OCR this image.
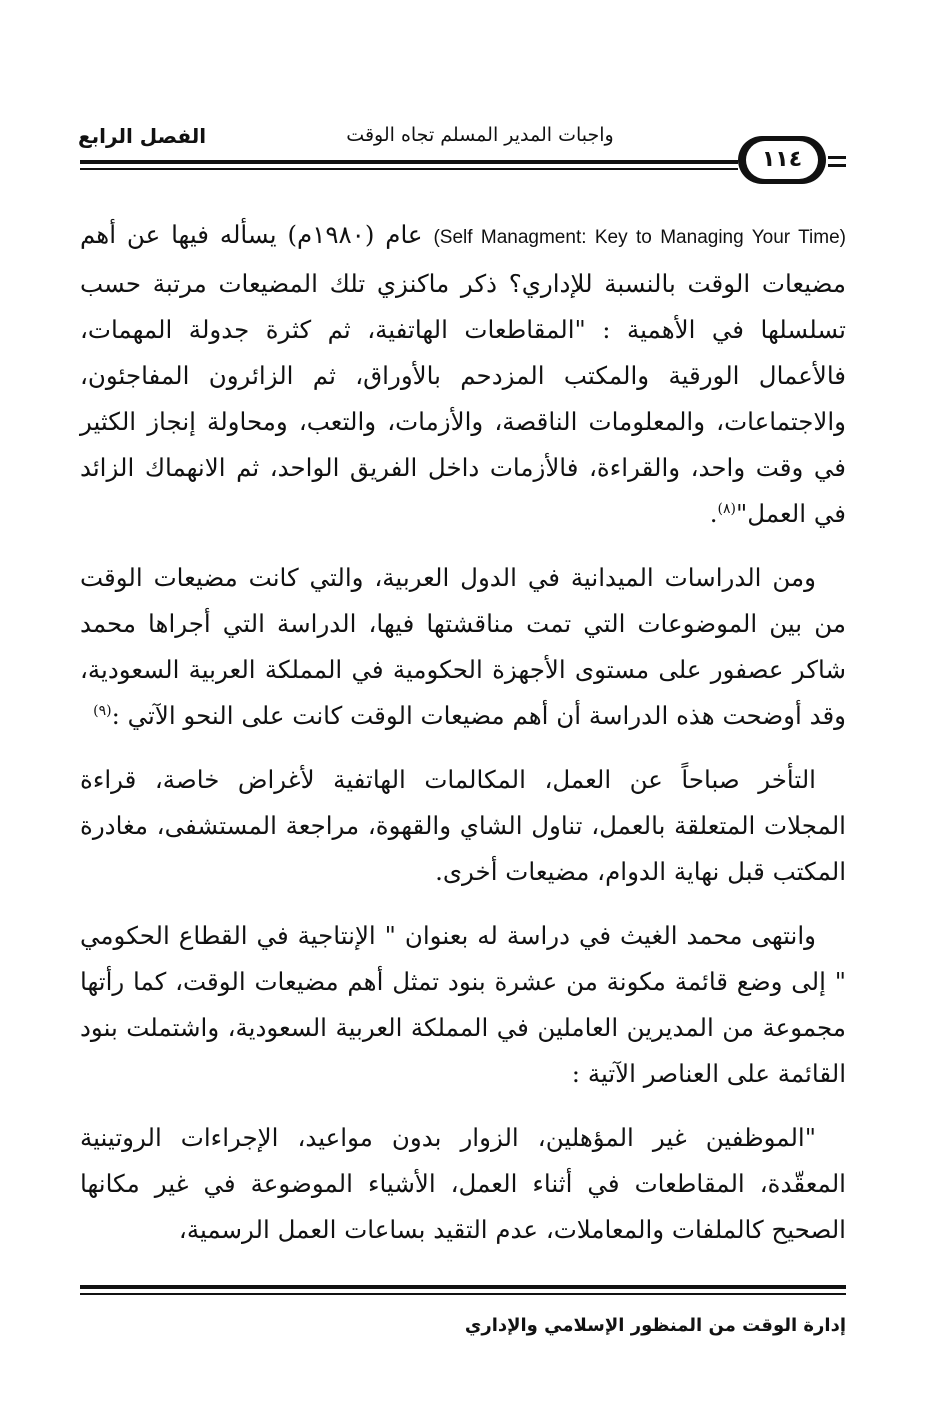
الفصل الرابع	واجبات المدير المسلم تجاه الوقت
١١٤

(Self Managment: Key to Managing Your Time) عام (١٩٨٠م) يسأله فيها عن أهم مضيعات الوقت بالنسبة للإداري؟ ذكر ماكنزي تلك المضيعات مرتبة حسب تسلسلها في الأهمية : "المقاطعات الهاتفية، ثم كثرة جدولة المهمات، فالأعمال الورقية والمكتب المزدحم بالأوراق، ثم الزائرون المفاجئون، والاجتماعات، والمعلومات الناقصة، والأزمات، والتعب، ومحاولة إنجاز الكثير في وقت واحد، والقراءة، فالأزمات داخل الفريق الواحد، ثم الانهماك الزائد في العمل"$^{(٨)}$.

ومن الدراسات الميدانية في الدول العربية، والتي كانت مضيعات الوقت من بين الموضوعات التي تمت مناقشتها فيها، الدراسة التي أجراها محمد شاكر عصفور على مستوى الأجهزة الحكومية في المملكة العربية السعودية، وقد أوضحت هذه الدراسة أن أهم مضيعات الوقت كانت على النحو الآتي :$^{(٩)}$

التأخر صباحاً عن العمل، المكالمات الهاتفية لأغراض خاصة، قراءة المجلات المتعلقة بالعمل، تناول الشاي والقهوة، مراجعة المستشفى، مغادرة المكتب قبل نهاية الدوام، مضيعات أخرى.

وانتهى محمد الغيث في دراسة له بعنوان " الإنتاجية في القطاع الحكومي " إلى وضع قائمة مكونة من عشرة بنود تمثل أهم مضيعات الوقت، كما رأتها مجموعة من المديرين العاملين في المملكة العربية السعودية، واشتملت بنود القائمة على العناصر الآتية :

"الموظفين غير المؤهلين، الزوار بدون مواعيد، الإجراءات الروتينية المعقّدة، المقاطعات في أثناء العمل، الأشياء الموضوعة في غير مكانها الصحيح كالملفات والمعاملات، عدم التقيد بساعات العمل الرسمية،

إدارة الوقت من المنظور الإسلامي والإداري
